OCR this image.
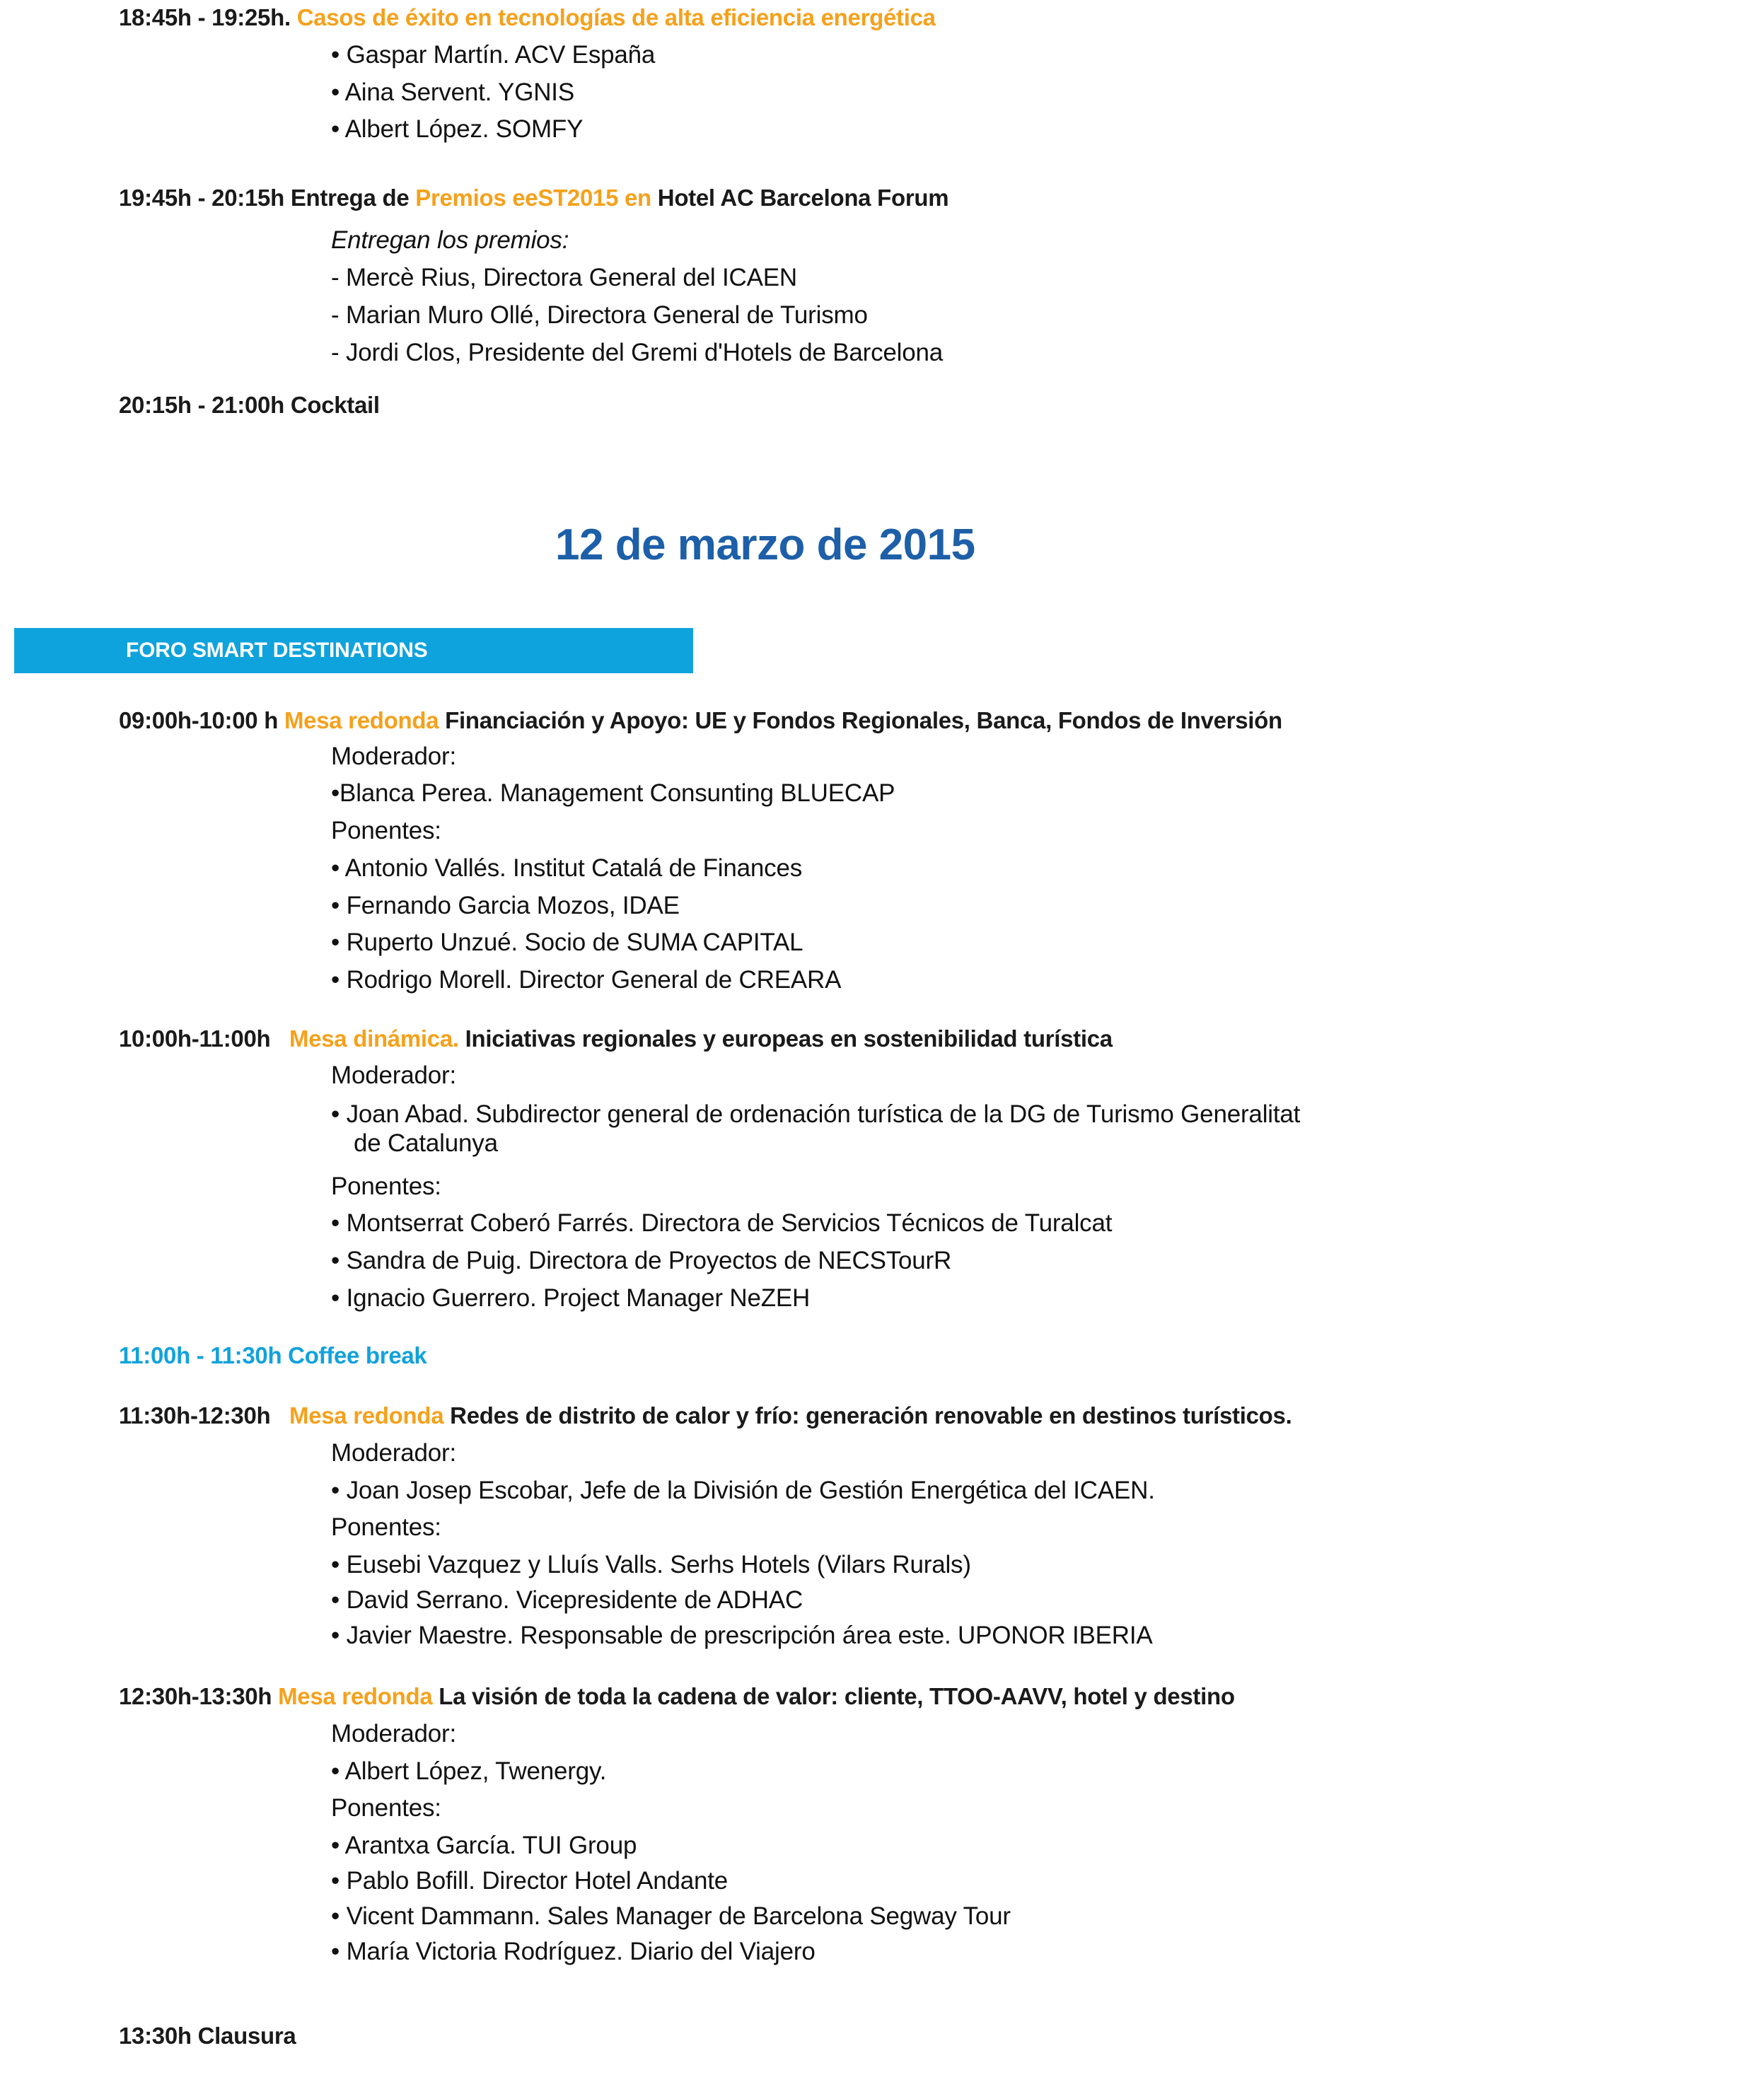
18:45h - 19:25h. Casos de éxito en tecnologías de alta eficiencia energética
• Gaspar Martín. ACV España
• Aina Servent. YGNIS
• Albert López. SOMFY
19:45h - 20:15h Entrega de Premios eeST2015 en Hotel AC Barcelona Forum
Entregan los premios:
- Mercè Rius, Directora General del ICAEN
- Marian Muro Ollé, Directora General de Turismo
- Jordi Clos, Presidente del Gremi d'Hotels de Barcelona
20:15h - 21:00h Cocktail
12 de marzo de 2015
FORO SMART DESTINATIONS
09:00h-10:00 h Mesa redonda Financiación y Apoyo: UE y Fondos Regionales, Banca, Fondos de Inversión
Moderador:
•Blanca Perea. Management Consunting BLUECAP
Ponentes:
• Antonio Vallés. Institut Catalá de Finances
• Fernando Garcia Mozos, IDAE
• Ruperto Unzué. Socio de SUMA CAPITAL
• Rodrigo Morell. Director General de CREARA
10:00h-11:00h Mesa dinámica. Iniciativas regionales y europeas en sostenibilidad turística
Moderador:
• Joan Abad. Subdirector general de ordenación turística de la DG de Turismo Generalitat de Catalunya
Ponentes:
• Montserrat Coberó Farrés. Directora de Servicios Técnicos de Turalcat
• Sandra de Puig. Directora de Proyectos de NECSTourR
• Ignacio Guerrero. Project Manager NeZEH
11:00h - 11:30h Coffee break
11:30h-12:30h Mesa redonda Redes de distrito de calor y frío: generación renovable en destinos turísticos.
Moderador:
• Joan Josep Escobar, Jefe de la División de Gestión Energética del ICAEN.
Ponentes:
• Eusebi Vazquez y Lluís Valls. Serhs Hotels (Vilars Rurals)
• David Serrano. Vicepresidente de ADHAC
• Javier Maestre. Responsable de prescripción área este. UPONOR IBERIA
12:30h-13:30h Mesa redonda La visión de toda la cadena de valor: cliente, TTOO-AAVV, hotel y destino
Moderador:
• Albert López, Twenergy.
Ponentes:
• Arantxa García. TUI Group
• Pablo Bofill. Director Hotel Andante
• Vicent Dammann. Sales Manager de Barcelona Segway Tour
• María Victoria Rodríguez. Diario del Viajero
13:30h Clausura
